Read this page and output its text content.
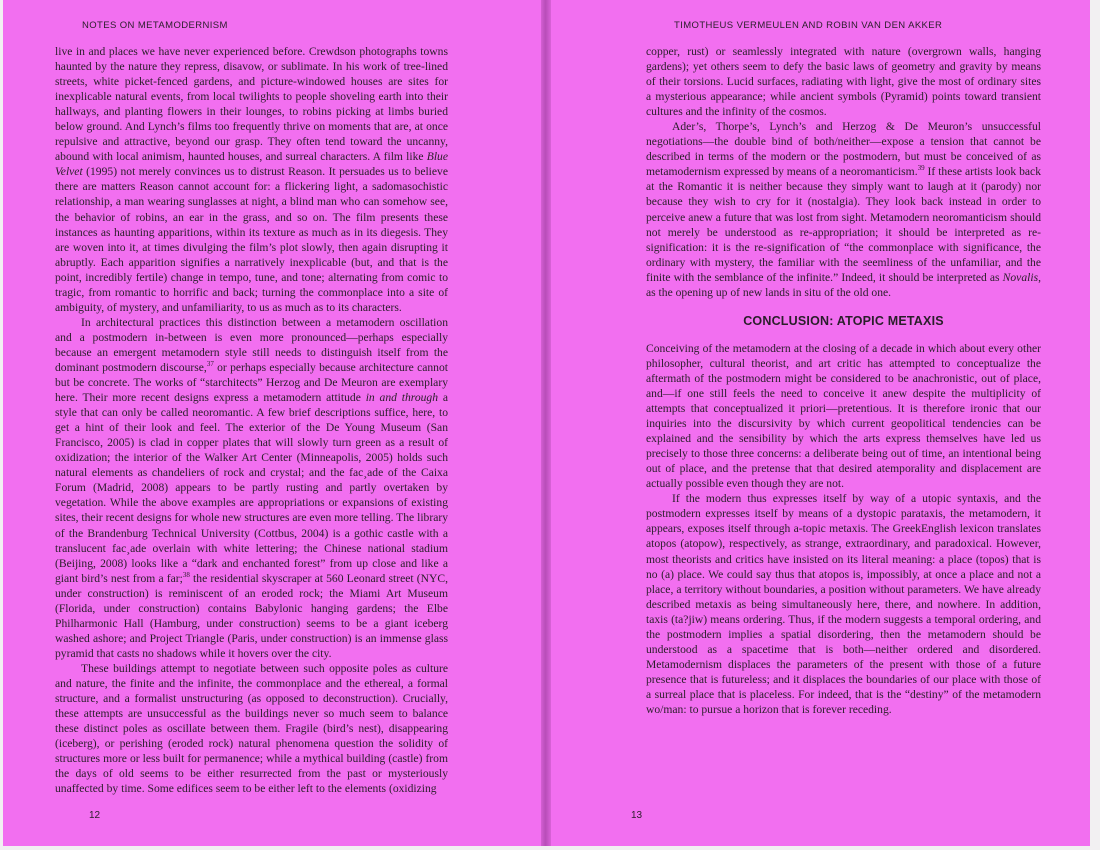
NOTES ON METAMODERNISM

live in and places we have never experienced before. Crewdson photographs towns haunted by the nature they repress, disavow, or sublimate. In his work of tree-lined streets, white picket-fenced gardens, and picture-windowed houses are sites for inexplicable natural events, from local twilights to people shoveling earth into their hallways, and planting flowers in their lounges, to robins picking at limbs buried below ground. And Lynch’s films too frequently thrive on moments that are, at once repulsive and attractive, beyond our grasp. They often tend toward the uncanny, abound with local animism, haunted houses, and surreal characters. A film like Blue Velvet (1995) not merely convinces us to distrust Reason. It persuades us to believe there are matters Reason cannot account for: a flickering light, a sadomasochistic relationship, a man wearing sunglasses at night, a blind man who can somehow see, the behavior of robins, an ear in the grass, and so on. The film presents these instances as haunting apparitions, within its texture as much as in its diegesis. They are woven into it, at times divulging the film’s plot slowly, then again disrupting it abruptly. Each apparition signifies a narratively inexplicable (but, and that is the point, incredibly fertile) change in tempo, tune, and tone; alternating from comic to tragic, from romantic to horrific and back; turning the commonplace into a site of ambiguity, of mystery, and unfamiliarity, to us as much as to its characters.

In architectural practices this distinction between a metamodern oscillation and a postmodern in-between is even more pronounced—perhaps especially because an emergent metamodern style still needs to distinguish itself from the dominant postmodern discourse,$^{37}$ or perhaps especially because architecture cannot but be concrete. The works of “starchitects” Herzog and De Meuron are exemplary here. Their more recent designs express a metamodern attitude in and through a style that can only be called neoromantic. A few brief descriptions suffice, here, to get a hint of their look and feel. The exterior of the De Young Museum (San Francisco, 2005) is clad in copper plates that will slowly turn green as a result of oxidization; the interior of the Walker Art Center (Minneapolis, 2005) holds such natural elements as chandeliers of rock and crystal; and the fac¸ade of the Caixa Forum (Madrid, 2008) appears to be partly rusting and partly overtaken by vegetation. While the above examples are appropriations or expansions of existing sites, their recent designs for whole new structures are even more telling. The library of the Brandenburg Technical University (Cottbus, 2004) is a gothic castle with a translucent fac¸ade overlain with white lettering; the Chinese national stadium (Beijing, 2008) looks like a “dark and enchanted forest” from up close and like a giant bird’s nest from a far;$^{38}$ the residential skyscraper at 560 Leonard street (NYC, under construction) is reminiscent of an eroded rock; the Miami Art Museum (Florida, under construction) contains Babylonic hanging gardens; the Elbe Philharmonic Hall (Hamburg, under construction) seems to be a giant iceberg washed ashore; and Project Triangle (Paris, under construction) is an immense glass pyramid that casts no shadows while it hovers over the city.

These buildings attempt to negotiate between such opposite poles as culture and nature, the finite and the infinite, the commonplace and the ethereal, a formal structure, and a formalist unstructuring (as opposed to deconstruction). Crucially, these attempts are unsuccessful as the buildings never so much seem to balance these distinct poles as oscillate between them. Fragile (bird’s nest), disappearing (iceberg), or perishing (eroded rock) natural phenomena question the solidity of structures more or less built for permanence; while a mythical building (castle) from the days of old seems to be either resurrected from the past or mysteriously unaffected by time. Some edifices seem to be either left to the elements (oxidizing

12
TIMOTHEUS VERMEULEN AND ROBIN VAN DEN AKKER

copper, rust) or seamlessly integrated with nature (overgrown walls, hanging gardens); yet others seem to defy the basic laws of geometry and gravity by means of their torsions. Lucid surfaces, radiating with light, give the most of ordinary sites a mysterious appearance; while ancient symbols (Pyramid) points toward transient cultures and the infinity of the cosmos.

Ader’s, Thorpe’s, Lynch’s and Herzog & De Meuron’s unsuccessful negotiations—the double bind of both/neither—expose a tension that cannot be described in terms of the modern or the postmodern, but must be conceived of as metamodernism expressed by means of a neoromanticism.$^{39}$ If these artists look back at the Romantic it is neither because they simply want to laugh at it (parody) nor because they wish to cry for it (nostalgia). They look back instead in order to perceive anew a future that was lost from sight. Metamodern neoromanticism should not merely be understood as re-appropriation; it should be interpreted as re-signification: it is the re-signification of “the commonplace with significance, the ordinary with mystery, the familiar with the seemliness of the unfamiliar, and the finite with the semblance of the infinite.” Indeed, it should be interpreted as Novalis, as the opening up of new lands in situ of the old one.

CONCLUSION: ATOPIC METAXIS

Conceiving of the metamodern at the closing of a decade in which about every other philosopher, cultural theorist, and art critic has attempted to conceptualize the aftermath of the postmodern might be considered to be anachronistic, out of place, and—if one still feels the need to conceive it anew despite the multiplicity of attempts that conceptualized it priori—pretentious. It is therefore ironic that our inquiries into the discursivity by which current geopolitical tendencies can be explained and the sensibility by which the arts express themselves have led us precisely to those three concerns: a deliberate being out of time, an intentional being out of place, and the pretense that that desired atemporality and displacement are actually possible even though they are not.

If the modern thus expresses itself by way of a utopic syntaxis, and the postmodern expresses itself by means of a dystopic parataxis, the metamodern, it appears, exposes itself through a-topic metaxis. The GreekEnglish lexicon translates atopos (atopow), respectively, as strange, extraordinary, and paradoxical. However, most theorists and critics have insisted on its literal meaning: a place (topos) that is no (a) place. We could say thus that atopos is, impossibly, at once a place and not a place, a territory without boundaries, a position without parameters. We have already described metaxis as being simultaneously here, there, and nowhere. In addition, taxis (ta?jiw) means ordering. Thus, if the modern suggests a temporal ordering, and the postmodern implies a spatial disordering, then the metamodern should be understood as a spacetime that is both—neither ordered and disordered. Metamodernism displaces the parameters of the present with those of a future presence that is futureless; and it displaces the boundaries of our place with those of a surreal place that is placeless. For indeed, that is the “destiny” of the metamodern wo/man: to pursue a horizon that is forever receding.

13
